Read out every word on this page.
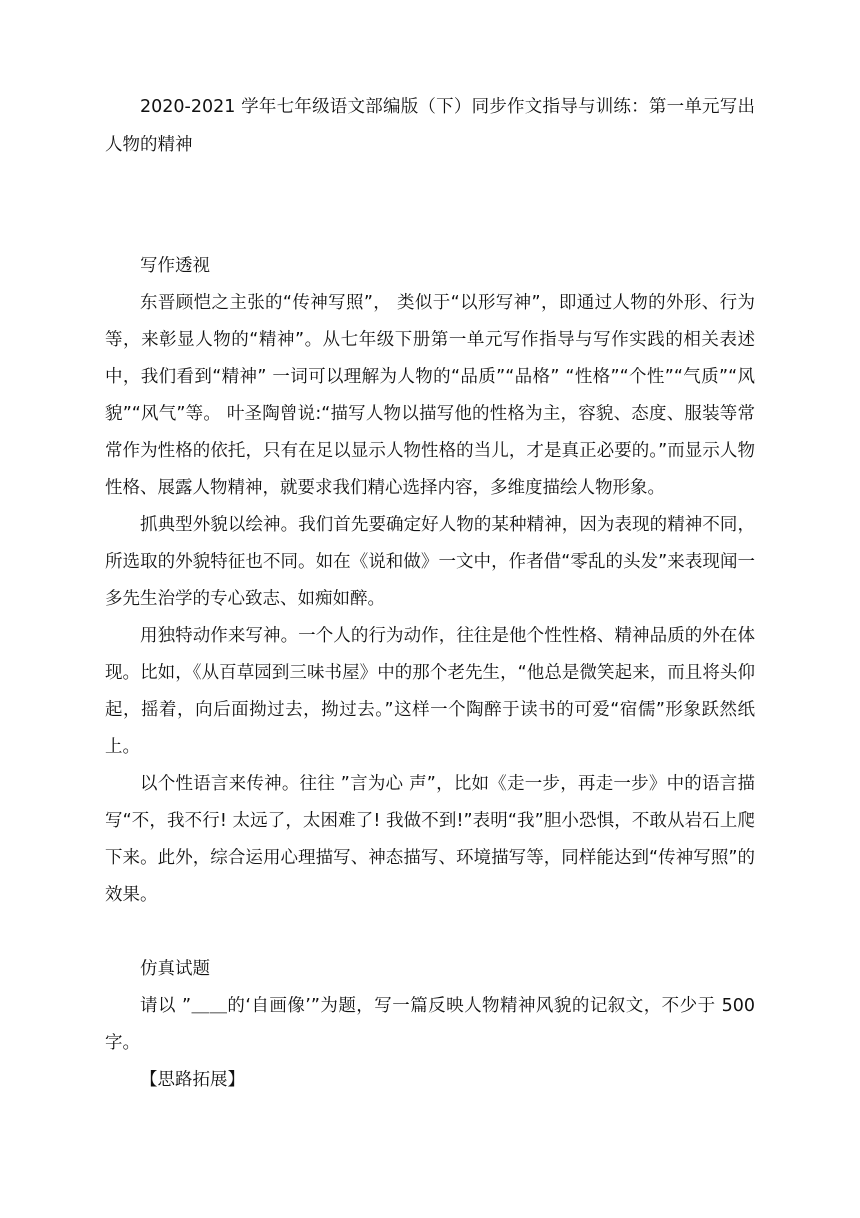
2020-2021 学年七年级语文部编版（下）同步作文指导与训练：第一单元写出人物的精神

写作透视

东晋顾恺之主张的“传神写照”， 类似于“以形写神”，即通过人物的外形、行为等，来彰显人物的“精神”。从七年级下册第一单元写作指导与写作实践的相关表述中，我们看到“精神” 一词可以理解为人物的“品质”“品格” “性格”“个性”“气质”“风貌”“风气”等。 叶圣陶曾说:“描写人物以描写他的性格为主，容貌、态度、服装等常常作为性格的依托，只有在足以显示人物性格的当儿，才是真正必要的。”而显示人物性格、展露人物精神，就要求我们精心选择内容，多维度描绘人物形象。

抓典型外貌以绘神。我们首先要确定好人物的某种精神，因为表现的精神不同，所选取的外貌特征也不同。如在《说和做》一文中，作者借“零乱的头发”来表现闻一多先生治学的专心致志、如痴如醉。

用独特动作来写神。一个人的行为动作，往往是他个性性格、精神品质的外在体现。比如，《从百草园到三味书屋》中的那个老先生，“他总是微笑起来，而且将头仰起，摇着，向后面拗过去，拗过去。”这样一个陶醉于读书的可爱“宿儒”形象跃然纸上。

以个性语言来传神。往往 ”言为心 声”，比如《走一步，再走一步》中的语言描写“不，我不行! 太远了，太困难了! 我做不到!”表明“我”胆小恐惧，不敢从岩石上爬下来。此外，综合运用心理描写、神态描写、环境描写等，同样能达到“传神写照”的效果。

仿真试题

请以 ”＿＿的‘自画像’”为题，写一篇反映人物精神风貌的记叙文，不少于 500 字。

【思路拓展】
